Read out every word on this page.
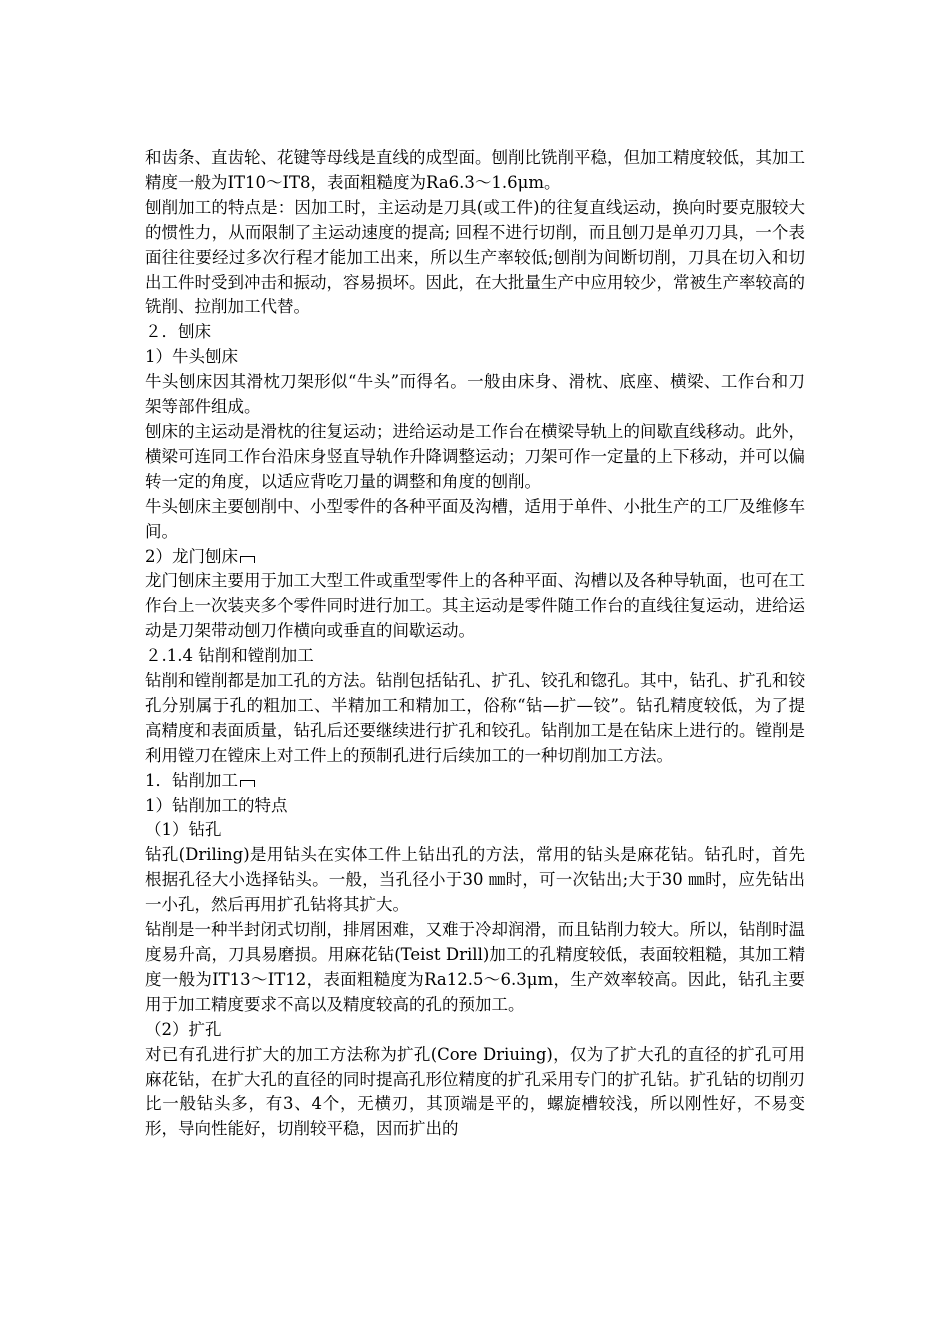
和齿条、直齿轮、花键等母线是直线的成型面。刨削比铣削平稳，但加工精度较低，其加工精度一般为IT10～IT8，表面粗糙度为Ra6.3～1.6μm。

刨削加工的特点是：因加工时，主运动是刀具(或工件)的往复直线运动，换向时要克服较大的惯性力，从而限制了主运动速度的提高; 回程不进行切削，而且刨刀是单刃刀具，一个表面往往要经过多次行程才能加工出来，所以生产率较低;刨削为间断切削，刀具在切入和切出工件时受到冲击和振动，容易损坏。因此，在大批量生产中应用较少，常被生产率较高的铣削、拉削加工代替。

２．刨床

1）牛头刨床

牛头刨床因其滑枕刀架形似“牛头”而得名。一般由床身、滑枕、底座、横梁、工作台和刀架等部件组成。

刨床的主运动是滑枕的往复运动；进给运动是工作台在横梁导轨上的间歇直线移动。此外，横梁可连同工作台沿床身竖直导轨作升降调整运动；刀架可作一定量的上下移动，并可以偏转一定的角度，以适应背吃刀量的调整和角度的刨削。

牛头刨床主要刨削中、小型零件的各种平面及沟槽，适用于单件、小批生产的工厂及维修车间。

2）龙门刨床

龙门刨床主要用于加工大型工件或重型零件上的各种平面、沟槽以及各种导轨面，也可在工作台上一次装夹多个零件同时进行加工。其主运动是零件随工作台的直线往复运动，进给运动是刀架带动刨刀作横向或垂直的间歇运动。

２.1.4 钻削和镗削加工

钻削和镗削都是加工孔的方法。钻削包括钻孔、扩孔、铰孔和锪孔。其中，钻孔、扩孔和铰孔分别属于孔的粗加工、半精加工和精加工，俗称“钻—扩—铰”。钻孔精度较低，为了提高精度和表面质量，钻孔后还要继续进行扩孔和铰孔。钻削加工是在钻床上进行的。镗削是利用镗刀在镗床上对工件上的预制孔进行后续加工的一种切削加工方法。

1．钻削加工

1）钻削加工的特点

（1）钻孔

钻孔(Driling)是用钻头在实体工件上钻出孔的方法，常用的钻头是麻花钻。钻孔时，首先根据孔径大小选择钻头。一般，当孔径小于30 ㎜时，可一次钻出;大于30 ㎜时，应先钻出一小孔，然后再用扩孔钻将其扩大。

钻削是一种半封闭式切削，排屑困难，又难于冷却润滑，而且钻削力较大。所以，钻削时温度易升高，刀具易磨损。用麻花钻(Teist Drill)加工的孔精度较低，表面较粗糙，其加工精度一般为IT13～IT12，表面粗糙度为Ra12.5～6.3μm，生产效率较高。因此，钻孔主要用于加工精度要求不高以及精度较高的孔的预加工。

（2）扩孔

对已有孔进行扩大的加工方法称为扩孔(Core Driuing)，仅为了扩大孔的直径的扩孔可用麻花钻，在扩大孔的直径的同时提高孔形位精度的扩孔采用专门的扩孔钻。扩孔钻的切削刃比一般钻头多，有3、4个，无横刃，其顶端是平的，螺旋槽较浅，所以刚性好，不易变形，导向性能好，切削较平稳，因而扩出的
